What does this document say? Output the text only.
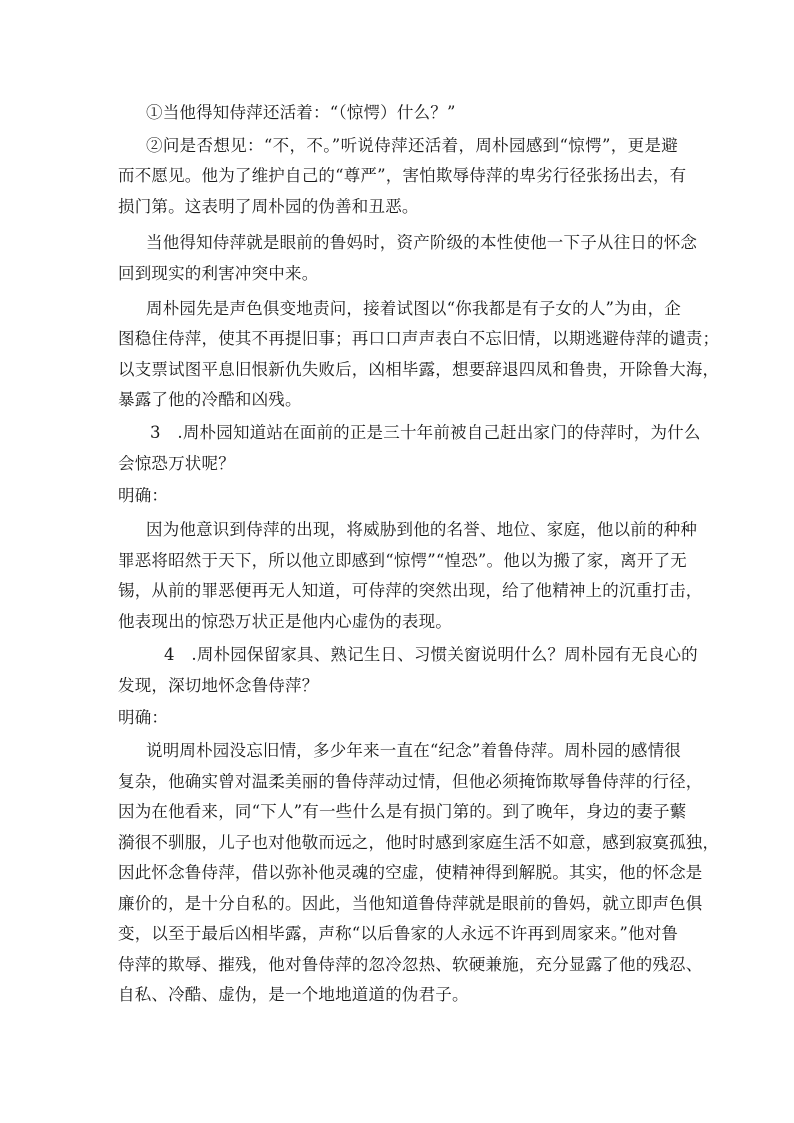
①当他得知侍萍还活着：“（惊愕）什么？”
②问是否想见：“不，不。”听说侍萍还活着，周朴园感到“惊愕”，更是避
而不愿见。他为了维护自己的“尊严”，害怕欺辱侍萍的卑劣行径张扬出去，有
损门第。这表明了周朴园的伪善和丑恶。
当他得知侍萍就是眼前的鲁妈时，资产阶级的本性使他一下子从往日的怀念
回到现实的利害冲突中来。
周朴园先是声色俱变地责问，接着试图以“你我都是有子女的人”为由，企
图稳住侍萍，使其不再提旧事；再口口声声表白不忘旧情，以期逃避侍萍的谴责；
以支票试图平息旧恨新仇失败后，凶相毕露，想要辞退四凤和鲁贵，开除鲁大海，
暴露了他的冷酷和凶残。
3　.周朴园知道站在面前的正是三十年前被自己赶出家门的侍萍时，为什么
会惊恐万状呢？
明确：
因为他意识到侍萍的出现，将威胁到他的名誉、地位、家庭，他以前的种种
罪恶将昭然于天下，所以他立即感到“惊愕”“惶恐”。他以为搬了家，离开了无
锡，从前的罪恶便再无人知道，可侍萍的突然出现，给了他精神上的沉重打击，
他表现出的惊恐万状正是他内心虚伪的表现。
4　.周朴园保留家具、熟记生日、习惯关窗说明什么？周朴园有无良心的
发现，深切地怀念鲁侍萍？
明确：
说明周朴园没忘旧情，多少年来一直在“纪念”着鲁侍萍。周朴园的感情很
复杂，他确实曾对温柔美丽的鲁侍萍动过情，但他必须掩饰欺辱鲁侍萍的行径，
因为在他看来，同“下人”有一些什么是有损门第的。到了晚年，身边的妻子蘩
漪很不驯服，儿子也对他敬而远之，他时时感到家庭生活不如意，感到寂寞孤独，
因此怀念鲁侍萍，借以弥补他灵魂的空虚，使精神得到解脱。其实，他的怀念是
廉价的，是十分自私的。因此，当他知道鲁侍萍就是眼前的鲁妈，就立即声色俱
变，以至于最后凶相毕露，声称“以后鲁家的人永远不许再到周家来。”他对鲁
侍萍的欺辱、摧残，他对鲁侍萍的忽冷忽热、软硬兼施，充分显露了他的残忍、
自私、冷酷、虚伪，是一个地地道道的伪君子。
